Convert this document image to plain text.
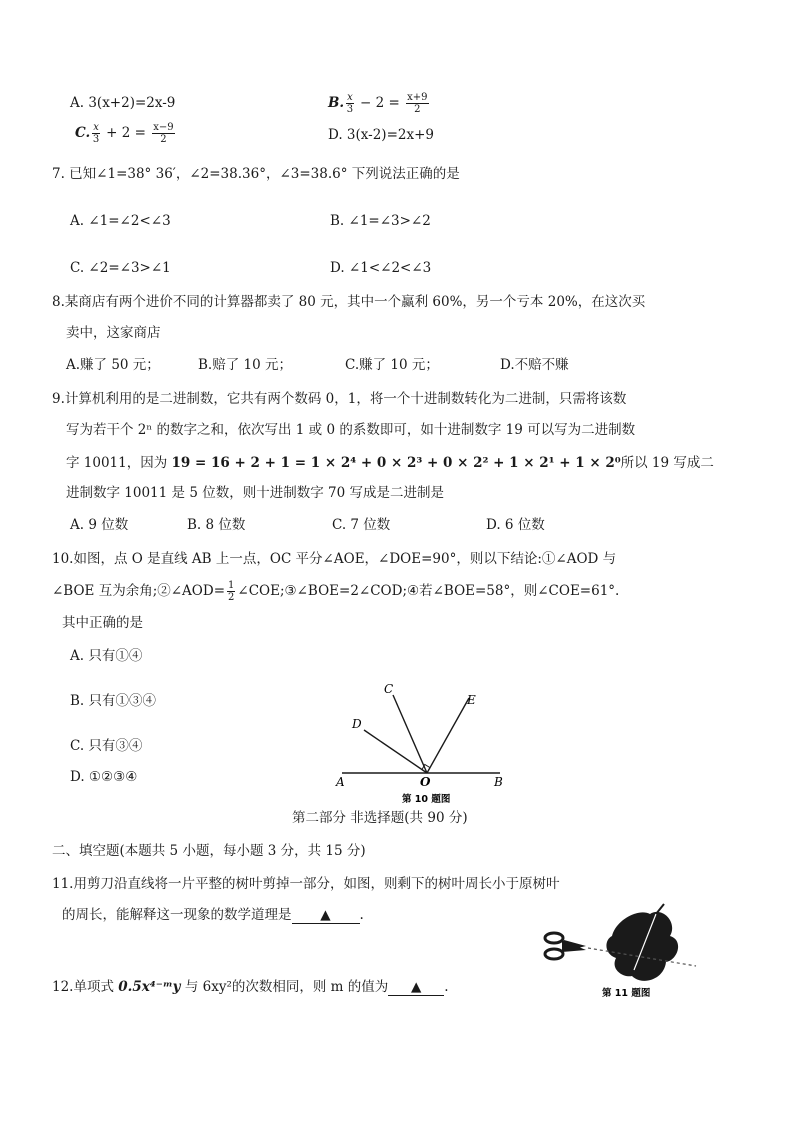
A. 3(x+2)=2x-9	B. $\frac{x}{3} - 2 = \frac{x+9}{2}$
C. $\frac{x}{3} + 2 = \frac{x-9}{2}$	D. 3(x-2)=2x+9
7. 已知∠1=38° 36′，∠2=38.36°，∠3=38.6° 下列说法正确的是
A. ∠1=∠2<∠3	B. ∠1=∠3>∠2
C. ∠2=∠3>∠1	D. ∠1<∠2<∠3
8.某商店有两个进价不同的计算器都卖了 80 元，其中一个赢利 60%，另一个亏本 20%，在这次买
卖中，这家商店
A.赚了 50 元；	B.赔了 10 元；	C.赚了 10 元；	D.不赔不赚
9.计算机利用的是二进制数，它共有两个数码 0，1，将一个十进制数转化为二进制，只需将该数
写为若干个 2ⁿ 的数字之和，依次写出 1 或 0 的系数即可，如十进制数字 19 可以写为二进制数
字 10011，因为 19 = 16 + 2 + 1 = 1 × 2⁴ + 0 × 2³ + 0 × 2² + 1 × 2¹ + 1 × 2⁰所以 19 写成二
进制数字 10011 是 5 位数，则十进制数字 70 写成是二进制是
A. 9 位数	B. 8 位数	C. 7 位数	D. 6 位数
10.如图，点 O 是直线 AB 上一点，OC 平分∠AOE，∠DOE=90°，则以下结论:①∠AOD 与
∠BOE 互为余角;②∠AOD= $\frac{1}{2}$ ∠COE;③∠BOE=2∠COD;④若∠BOE=58°，则∠COE=61°.
其中正确的是
A. 只有①④
B. 只有①③④
C. 只有③④
D. ①②③④	A	B
C
D
E
O
第 10 题图
第二部分 非选择题(共 90 分)
二、填空题(本题共 5 小题，每小题 3 分，共 15 分)
11.用剪刀沿直线将一片平整的树叶剪掉一部分，如图，则剩下的树叶周长小于原树叶
的周长，能解释这一现象的数学道理是 ▲ .
第 11 题图
12.单项式 0.5x⁴⁻ᵐy 与 6xy²的次数相同，则 m 的值为 ▲ .
